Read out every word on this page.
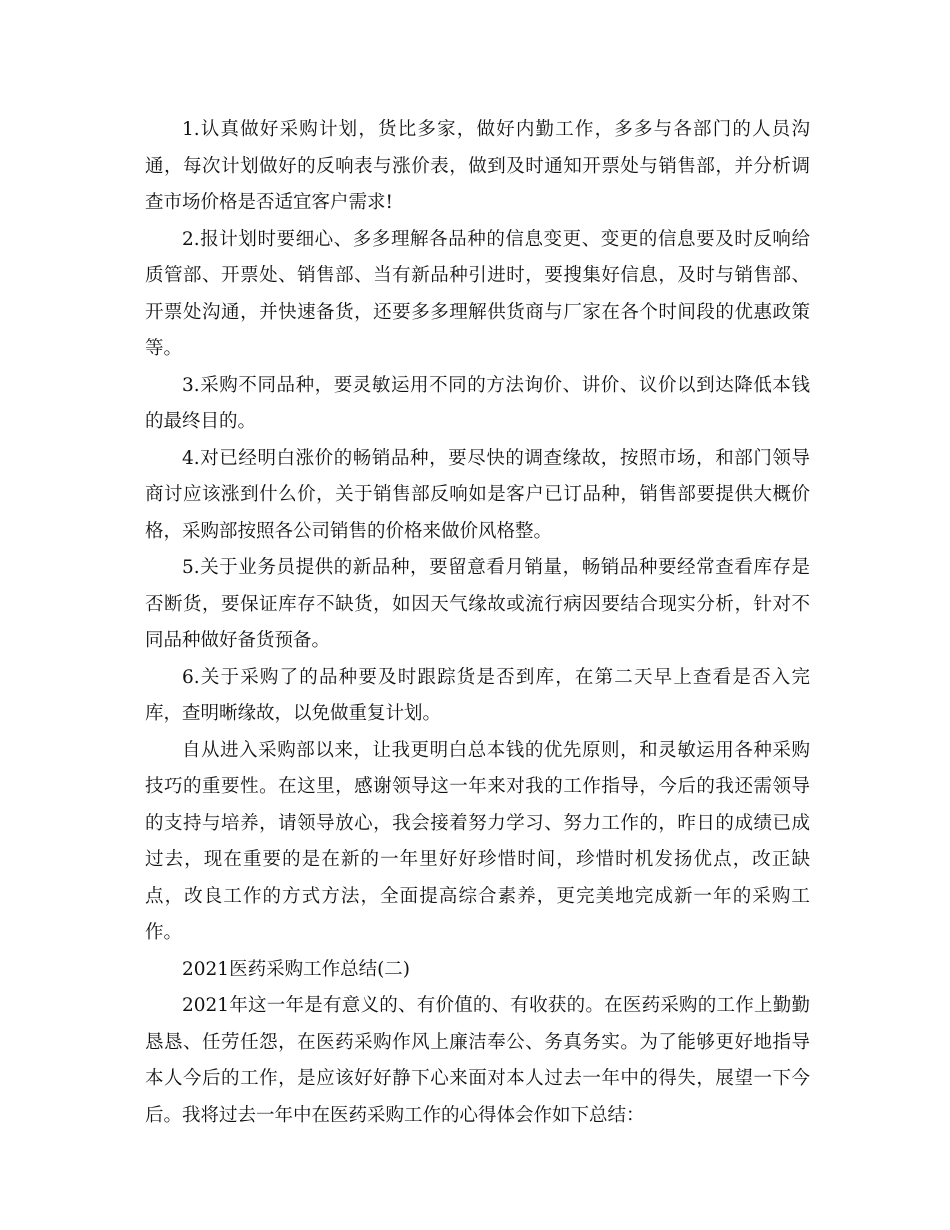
1.认真做好采购计划，货比多家，做好内勤工作，多多与各部门的人员沟通，每次计划做好的反响表与涨价表，做到及时通知开票处与销售部，并分析调查市场价格是否适宜客户需求!

2.报计划时要细心、多多理解各品种的信息变更、变更的信息要及时反响给质管部、开票处、销售部、当有新品种引进时，要搜集好信息，及时与销售部、开票处沟通，并快速备货，还要多多理解供货商与厂家在各个时间段的优惠政策等。

3.采购不同品种，要灵敏运用不同的方法询价、讲价、议价以到达降低本钱的最终目的。

4.对已经明白涨价的畅销品种，要尽快的调查缘故，按照市场，和部门领导商讨应该涨到什么价，关于销售部反响如是客户已订品种，销售部要提供大概价格，采购部按照各公司销售的价格来做价风格整。

5.关于业务员提供的新品种，要留意看月销量，畅销品种要经常查看库存是否断货，要保证库存不缺货，如因天气缘故或流行病因要结合现实分析，针对不同品种做好备货预备。

6.关于采购了的品种要及时跟踪货是否到库，在第二天早上查看是否入完库，查明晰缘故，以免做重复计划。

自从进入采购部以来，让我更明白总本钱的优先原则，和灵敏运用各种采购技巧的重要性。在这里，感谢领导这一年来对我的工作指导，今后的我还需领导的支持与培养，请领导放心，我会接着努力学习、努力工作的，昨日的成绩已成过去，现在重要的是在新的一年里好好珍惜时间，珍惜时机发扬优点，改正缺点，改良工作的方式方法，全面提高综合素养，更完美地完成新一年的采购工作。

2021医药采购工作总结(二)

2021年这一年是有意义的、有价值的、有收获的。在医药采购的工作上勤勤恳恳、任劳任怨，在医药采购作风上廉洁奉公、务真务实。为了能够更好地指导本人今后的工作，是应该好好静下心来面对本人过去一年中的得失，展望一下今后。我将过去一年中在医药采购工作的心得体会作如下总结：
